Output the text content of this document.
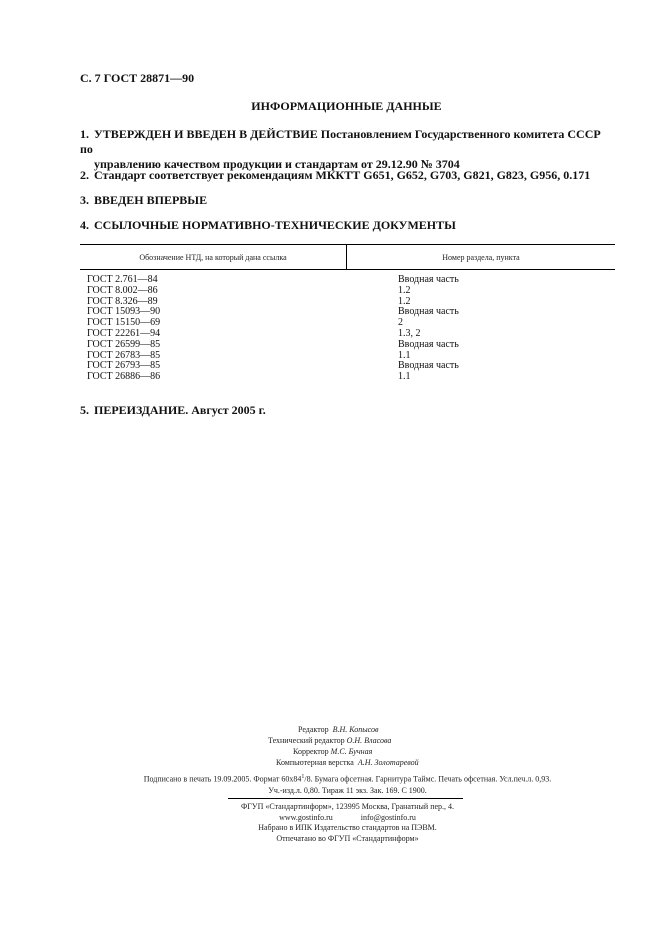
С. 7 ГОСТ 28871—90
ИНФОРМАЦИОННЫЕ ДАННЫЕ
1. УТВЕРЖДЕН И ВВЕДЕН В ДЕЙСТВИЕ Постановлением Государственного комитета СССР по
управлению качеством продукции и стандартам от 29.12.90 № 3704
2. Стандарт соответствует рекомендациям МККТТ G651, G652, G703, G821, G823, G956, 0.171
3. ВВЕДЕН ВПЕРВЫЕ
4. ССЫЛОЧНЫЕ НОРМАТИВНО-ТЕХНИЧЕСКИЕ ДОКУМЕНТЫ
Обозначение НТД, на который дана ссылка	Номер раздела, пункта
ГОСТ 2.761—84	Вводная часть
ГОСТ 8.002—86	1.2
ГОСТ 8.326—89	1.2
ГОСТ 15093—90	Вводная часть
ГОСТ 15150—69	2
ГОСТ 22261—94	1.3, 2
ГОСТ 26599—85	Вводная часть
ГОСТ 26783—85	1.1
ГОСТ 26793—85	Вводная часть
ГОСТ 26886—86	1.1
5. ПЕРЕИЗДАНИЕ. Август 2005 г.
Редактор В.Н. Копысов
Технический редактор О.Н. Власова
Корректор М.С. Бучная
Компьютерная верстка А.Н. Золотаревой
Подписано в печать 19.09.2005. Формат $60x84^1/8$. Бумага офсетная. Гарнитура Таймс. Печать офсетная. Усл.печ.л. 0,93.
Уч.-изд.л. 0,80. Тираж 11 экз. Зак. 169. С 1900.
ФГУП «Стандартинформ», 123995 Москва, Гранатный пер., 4.
www.gostinfo.ru	info@gostinfo.ru
Набрано в ИПК Издательство стандартов на ПЭВМ.
Отпечатано во ФГУП «Стандартинформ»
